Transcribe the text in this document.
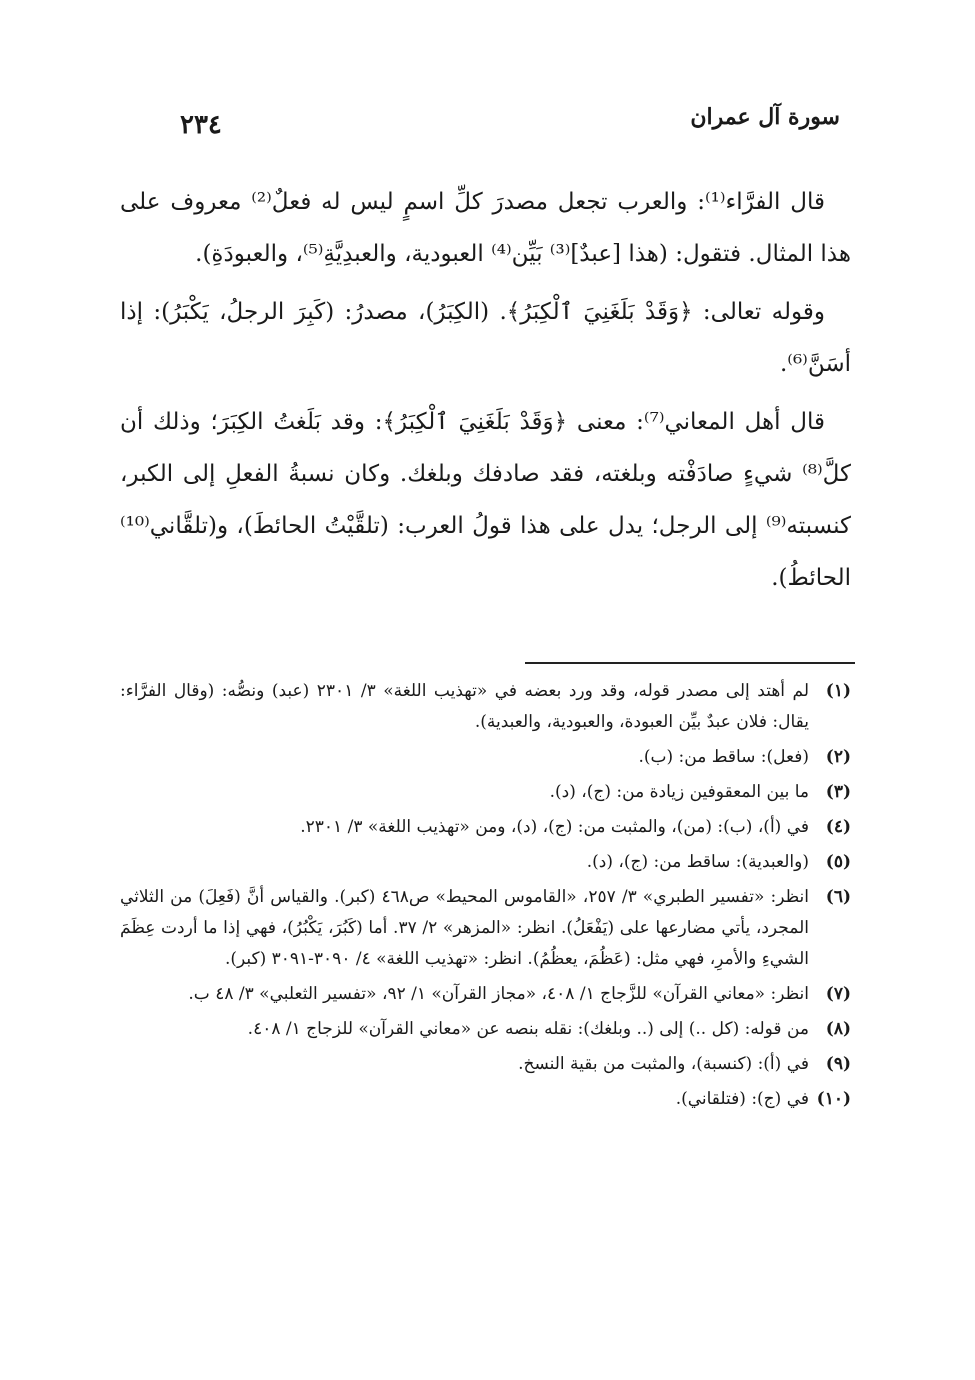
سورة آل عمران
٢٣٤

قال الفرَّاء⁽¹⁾: والعرب تجعل مصدرَ كلِّ اسمٍ ليس له فعلٌ⁽²⁾ معروف على هذا المثال. فتقول: (هذا [عبدٌ]⁽³⁾ بَيِّن⁽⁴⁾ العبودية، والعبدِيَّةِ⁽⁵⁾، والعبودَةِ).

وقوله تعالى: ﴿وَقَدْ بَلَغَنِيَ ٱلْكِبَرُ﴾. (الكِبَرُ)، مصدرُ: (كَبِرَ الرجلُ، يَكْبَرُ): إذا أسَنَّ⁽⁶⁾.

قال أهل المعاني⁽⁷⁾: معنى ﴿وَقَدْ بَلَغَنِيَ ٱلْكِبَرُ﴾: وقد بَلَغتُ الكِبَرَ؛ وذلك أن كلَّ⁽⁸⁾ شيءٍ صادَفْته وبلغته، فقد صادفك وبلغك. وكان نسبةُ الفعلِ إلى الكبر، كنسبته⁽⁹⁾ إلى الرجل؛ يدل على هذا قولُ العرب: (تلقَّيْتُ الحائطَ)، و(تلقَّاني⁽¹⁰⁾ الحائطُ).

(١)
لم أهتد إلى مصدر قوله، وقد ورد بعضه في «تهذيب اللغة» ٣/ ٢٣٠١ (عبد) ونصُّه: (وقال الفرَّاء: يقال: فلان عبدٌ بيِّن العبودة، والعبودية، والعبدية).
(٢)
(فعل): ساقط من: (ب).
(٣)
ما بين المعقوفين زيادة من: (ج)، (د).
(٤)
في (أ)، (ب): (من)، والمثبت من: (ج)، (د)، ومن «تهذيب اللغة» ٣/ ٢٣٠١.
(٥)
(والعبدية): ساقط من: (ج)، (د).
(٦)
انظر: «تفسير الطبري» ٣/ ٢٥٧، «القاموس المحيط» ص٤٦٨ (كبر). والقياس أنَّ (فَعِلَ) من الثلاثي المجرد، يأتي مضارعها على (يَفْعَلُ). انظر: «المزهر» ٢/ ٣٧. أما (كَبُرَ، يَكْبُرُ)، فهي إذا ما أردت عِظَمَ الشيءِ والأمرِ، فهي مثل: (عَظُمَ، يعظُمُ). انظر: «تهذيب اللغة» ٤/ ٣٠٩٠-٣٠٩١ (كبر).
(٧)
انظر: «معاني القرآن» للزَّجاج ١/ ٤٠٨، «مجاز القرآن» ١/ ٩٢، «تفسير الثعلبي» ٣/ ٤٨ ب.
(٨)
من قوله: (كل ..) إلى (.. وبلغك): نقله بنصه عن «معاني القرآن» للزجاج ١/ ٤٠٨.
(٩)
في (أ): (كنسبة)، والمثبت من بقية النسخ.
(١٠)
في (ج): (فتلقاني).
